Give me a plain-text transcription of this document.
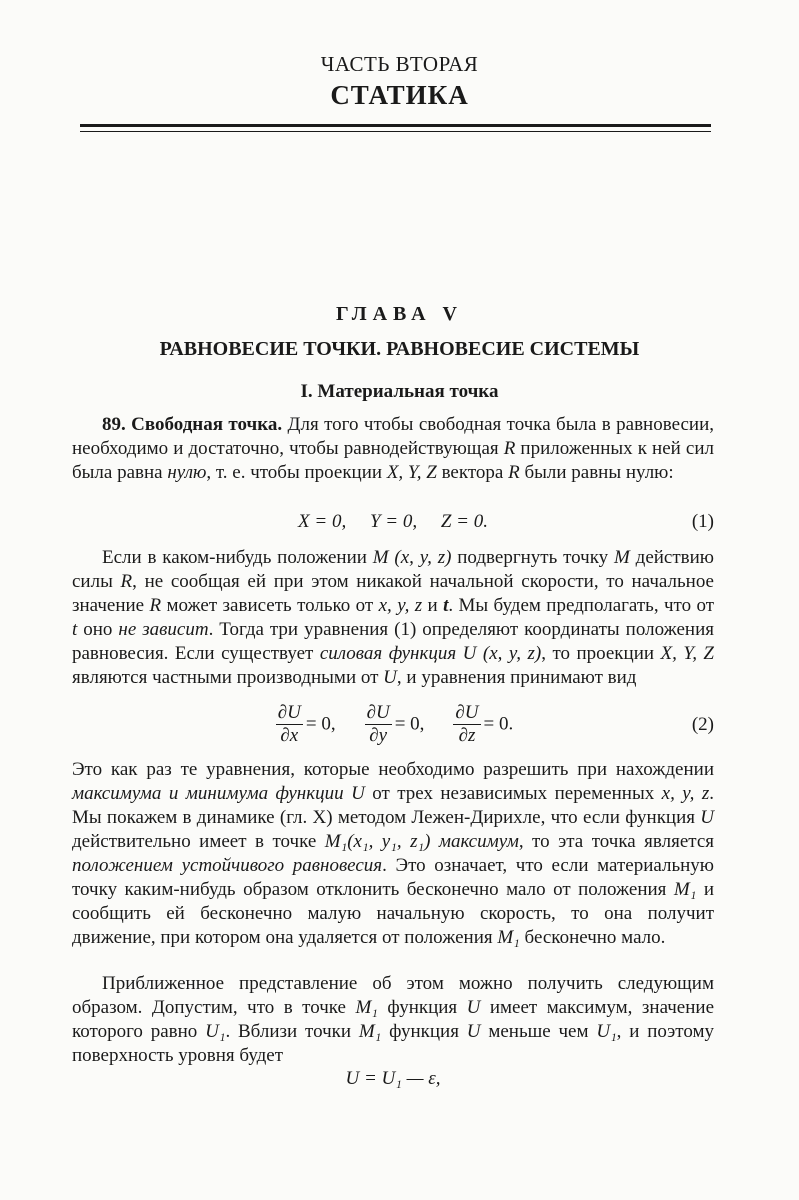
ЧАСТЬ ВТОРАЯ
СТАТИКА
ГЛАВА V
РАВНОВЕСИЕ ТОЧКИ. РАВНОВЕСИЕ СИСТЕМЫ
I. Материальная точка
89. Свободная точка. Для того чтобы свободная точка была в равновесии, необходимо и достаточно, чтобы равнодействующая R приложенных к ней сил была равна нулю, т. е. чтобы проекции X, Y, Z вектора R были равны нулю:
X = 0,     Y = 0,     Z = 0.	(1)
Если в каком-нибудь положении M (x, y, z) подвергнуть точку M действию силы R, не сообщая ей при этом никакой начальной скорости, то начальное значение R может зависеть только от x, y, z и t. Мы будем предполагать, что от t оно не зависит. Тогда три уравнения (1) определяют координаты положения равновесия. Если существует силовая функция U (x, y, z), то проекции X, Y, Z являются частными производными от U, и уравнения принимают вид
$\frac{\partial U}{\partial x} = 0$, $\frac{\partial U}{\partial y} = 0$, $\frac{\partial U}{\partial z} = 0$.	(2)
Это как раз те уравнения, которые необходимо разрешить при нахождении максимума и минимума функции U от трех независимых переменных x, y, z. Мы покажем в динамике (гл. X) методом Лежен-Дирихле, что если функция U действительно имеет в точке M₁(x₁, y₁, z₁) максимум, то эта точка является положением устойчивого равновесия. Это означает, что если материальную точку каким-нибудь образом отклонить бесконечно мало от положения M₁ и сообщить ей бесконечно малую начальную скорость, то она получит движение, при котором она удаляется от положения M₁ бесконечно мало.
Приближенное представление об этом можно получить следующим образом. Допустим, что в точке M₁ функция U имеет максимум, значение которого равно U₁. Вблизи точки M₁ функция U меньше чем U₁, и поэтому поверхность уровня будет
U = U₁ — ε,
